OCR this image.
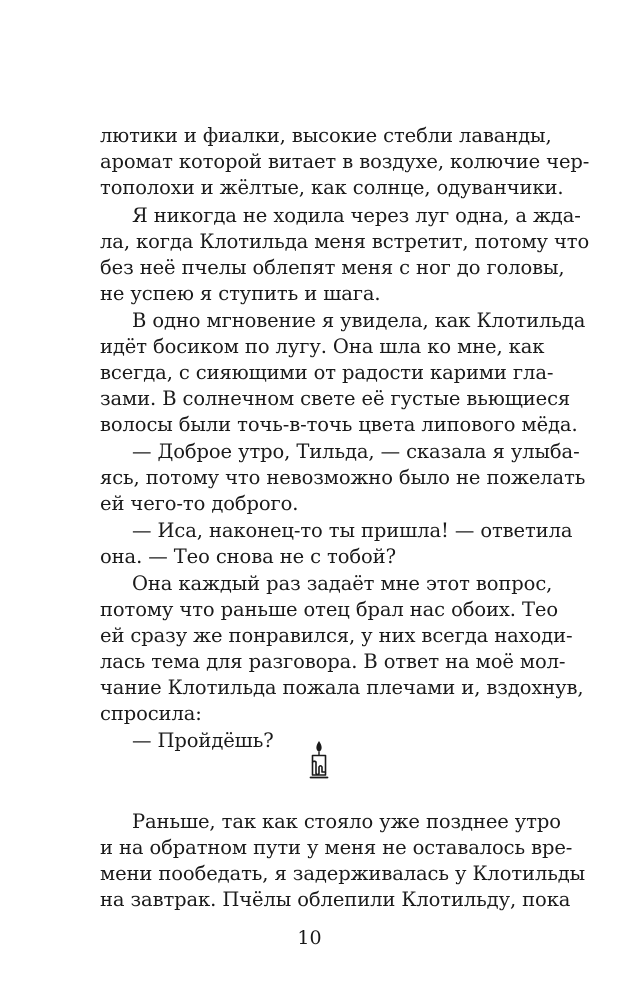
лютики и фиалки, высокие стебли лаванды,
аромат которой витает в воздухе, колючие чер-
тополохи и жёлтые, как солнце, одуванчики.
Я никогда не ходила через луг одна, а жда-
ла, когда Клотильда меня встретит, потому что
без неё пчелы облепят меня с ног до головы,
не успею я ступить и шага.
В одно мгновение я увидела, как Клотильда
идёт босиком по лугу. Она шла ко мне, как
всегда, с сияющими от радости карими гла-
зами. В солнечном свете её густые вьющиеся
волосы были точь-в-точь цвета липового мёда.
— Доброе утро, Тильда, — сказала я улыба-
ясь, потому что невозможно было не пожелать
ей чего-то доброго.
— Иса, наконец-то ты пришла! — ответила
она. — Тео снова не с тобой?
Она каждый раз задаёт мне этот вопрос,
потому что раньше отец брал нас обоих. Тео
ей сразу же понравился, у них всегда находи-
лась тема для разговора. В ответ на моё мол-
чание Клотильда пожала плечами и, вздохнув,
спросила:
— Пройдёшь?
Раньше, так как стояло уже позднее утро
и на обратном пути у меня не оставалось вре-
мени пообедать, я задерживалась у Клотильды
на завтрак. Пчёлы облепили Клотильду, пока
10
